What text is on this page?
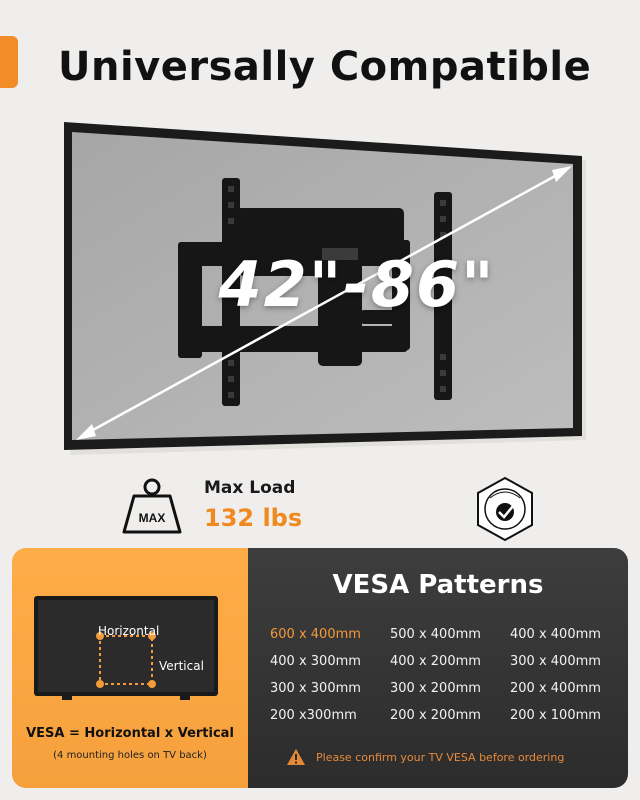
Universally Compatible
42"-86"
MAX
Max Load
132 lbs
Horizontal
Vertical
VESA = Horizontal x Vertical
(4 mounting holes on TV back)
VESA Patterns
600 x 400mm	500 x 400mm	400 x 400mm
400 x 300mm	400 x 200mm	300 x 400mm
300 x 300mm	300 x 200mm	200 x 400mm
200 x300mm	200 x 200mm	200 x 100mm
Please confirm your TV VESA before ordering
